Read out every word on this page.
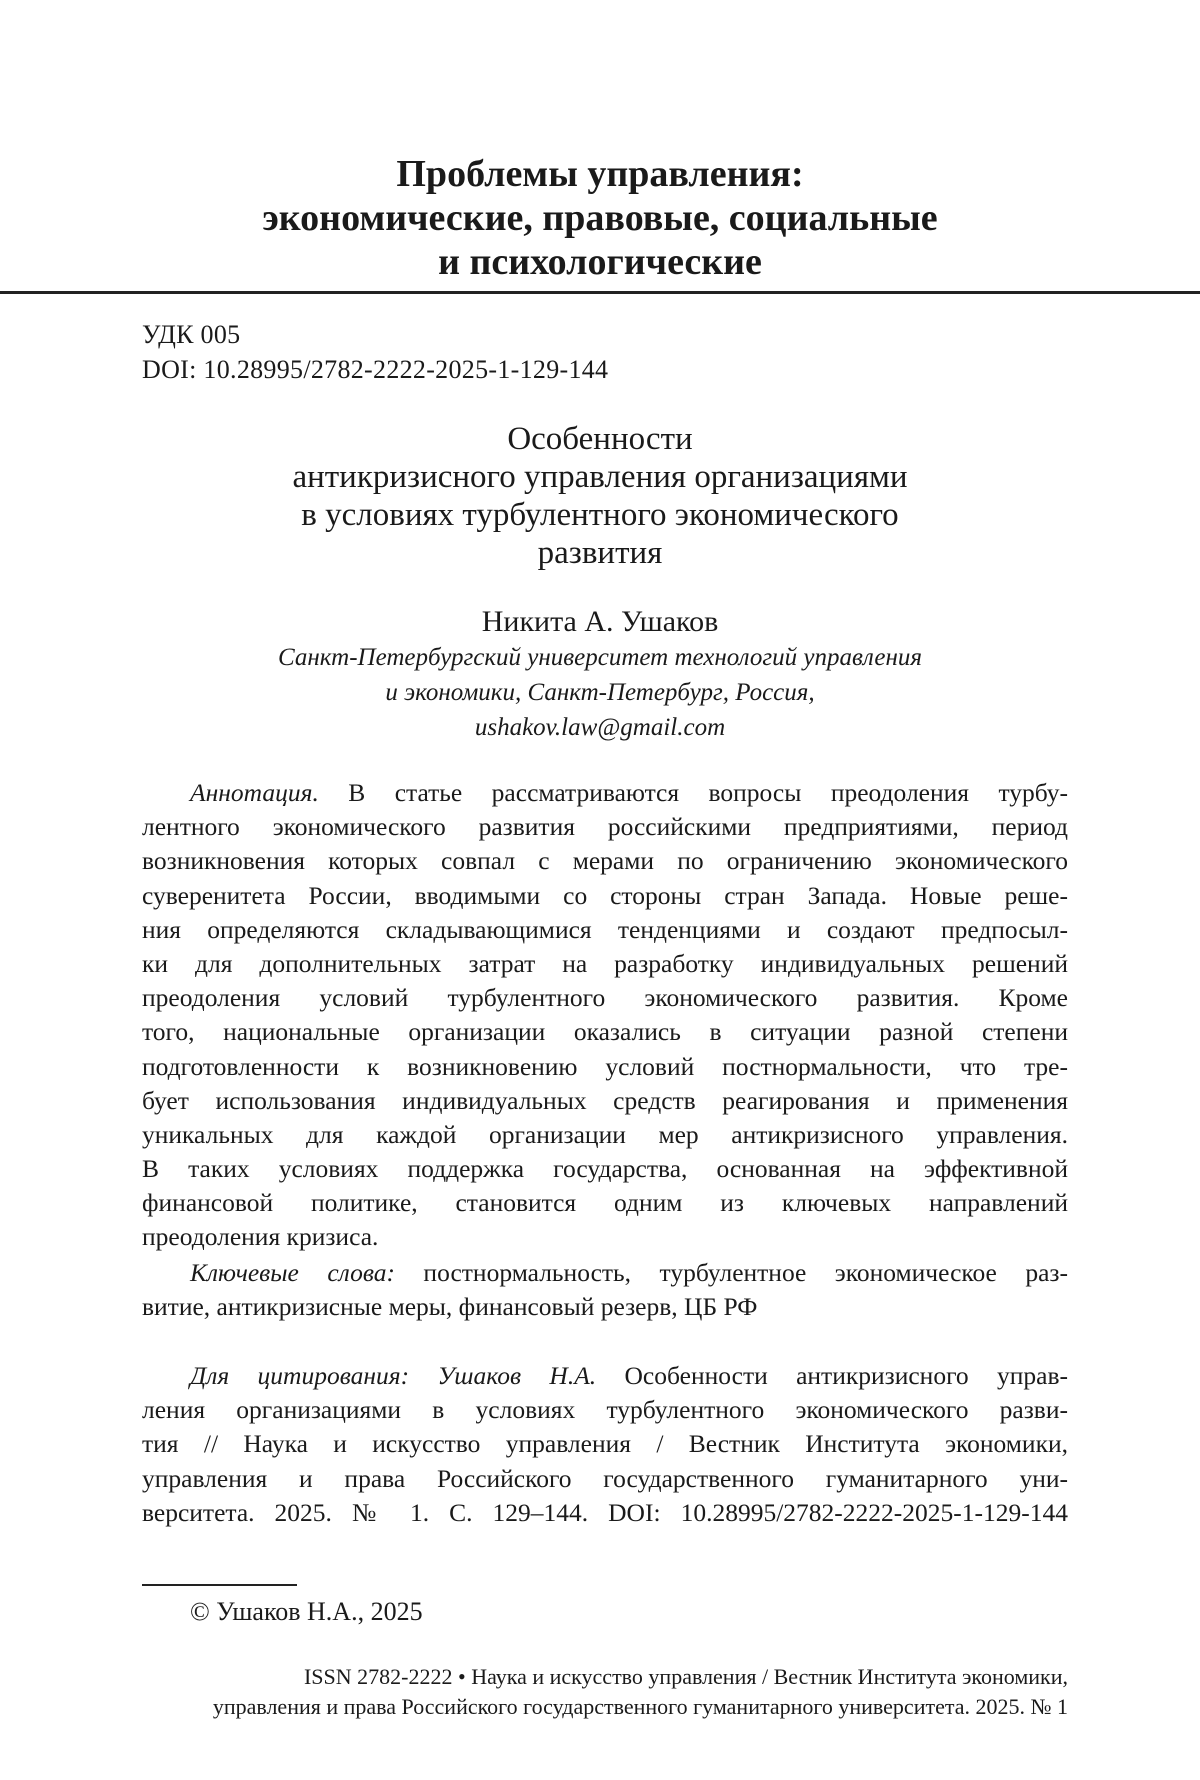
Проблемы управления:
экономические, правовые, социальные
и психологические
УДК 005
DOI: 10.28995/2782-2222-2025-1-129-144
Особенности
антикризисного управления организациями
в условиях турбулентного экономического
развития
Никита А. Ушаков
Санкт-Петербургский университет технологий управления
и экономики, Санкт-Петербург, Россия,
ushakov.law@gmail.com
Аннотация. В статье рассматриваются вопросы преодоления турбу-
лентного экономического развития российскими предприятиями, период
возникновения которых совпал с мерами по ограничению экономического
суверенитета России, вводимыми со стороны стран Запада. Новые реше-
ния определяются складывающимися тенденциями и создают предпосыл-
ки для дополнительных затрат на разработку индивидуальных решений
преодоления условий турбулентного экономического развития. Кроме
того, национальные организации оказались в ситуации разной степени
подготовленности к возникновению условий постнормальности, что тре-
бует использования индивидуальных средств реагирования и применения
уникальных для каждой организации мер антикризисного управления.
В таких условиях поддержка государства, основанная на эффективной
финансовой политике, становится одним из ключевых направлений
преодоления кризиса.
Ключевые слова: постнормальность, турбулентное экономическое раз-
витие, антикризисные меры, финансовый резерв, ЦБ РФ
Для цитирования: Ушаков Н.А. Особенности антикризисного управ-
ления организациями в условиях турбулентного экономического разви-
тия // Наука и искусство управления / Вестник Института экономики,
управления и права Российского государственного гуманитарного уни-
верситета. 2025. № 1. С. 129–144. DOI: 10.28995/2782-2222-2025-1-129-144
© Ушаков Н.А., 2025
ISSN 2782-2222 • Наука и искусство управления / Вестник Института экономики,
управления и права Российского государственного гуманитарного университета. 2025. № 1
